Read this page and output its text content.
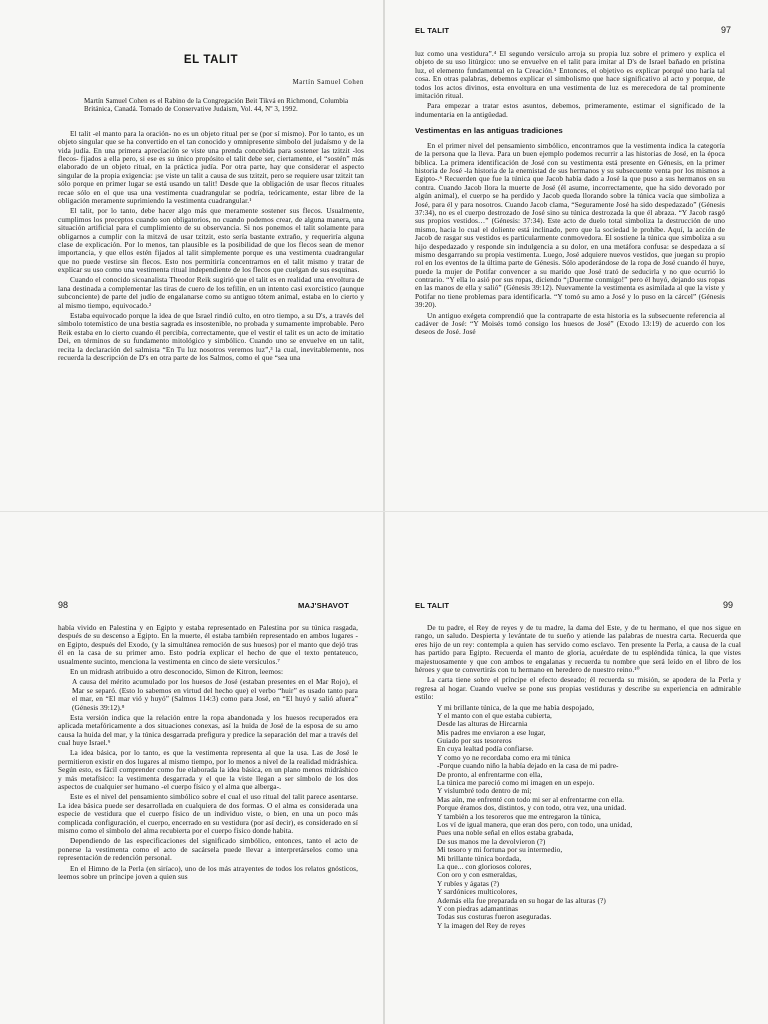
EL TALIT
Martín Samuel Cohen
Martín Samuel Cohen es el Rabino de la Congregación Beit Tikvá en Richmond, Columbia Británica, Canadá. Tomado de Conservative Judaism, Vol. 44, Nº 3, 1992.

El talit -el manto para la oración- no es un objeto ritual per se (por sí mismo). Por lo tanto, es un objeto singular que se ha convertido en el tan conocido y omnipresente símbolo del judaísmo y de la vida judía. En una primera apreciación se viste una prenda concebida para sostener las tzitzit -los flecos- fijados a ella pero, si ese es su único propósito el talit debe ser, ciertamente, el “sostén” más elaborado de un objeto ritual, en la práctica judía. Por otra parte, hay que considerar el aspecto singular de la propia exigencia: ¡se viste un talit a causa de sus tzitzit, pero se requiere usar tzitzit tan sólo porque en primer lugar se está usando un talit! Desde que la obligación de usar flecos rituales recae sólo en el que usa una vestimenta cuadrangular se podría, teóricamente, estar libre de la obligación meramente suprimiendo la vestimenta cuadrangular.¹

El talit, por lo tanto, debe hacer algo más que meramente sostener sus flecos. Usualmente, cumplimos los preceptos cuando son obligatorios, no cuando podemos crear, de alguna manera, una situación artificial para el cumplimiento de su observancia. Si nos ponemos el talit solamente para obligarnos a cumplir con la mitzvá de usar tzitzit, esto sería bastante extraño, y requeriría alguna clase de explicación. Por lo menos, tan plausible es la posibilidad de que los flecos sean de menor importancia, y que ellos estén fijados al talit simplemente porque es una vestimenta cuadrangular que no puede vestirse sin flecos. Esto nos permitiría concentrarnos en el talit mismo y tratar de explicar su uso como una vestimenta ritual independiente de los flecos que cuelgan de sus esquinas.

Cuando el conocido sicoanalista Theodor Reik sugirió que el talit es en realidad una envoltura de lana destinada a complementar las tiras de cuero de los tefilín, en un intento casi exorcístico (aunque subconciente) de parte del judío de engalanarse como su antiguo tótem animal, estaba en lo cierto y al mismo tiempo, equivocado.²

Estaba equivocado porque la idea de que Israel rindió culto, en otro tiempo, a su D's, a través del símbolo totemístico de una bestia sagrada es insostenible, no probada y sumamente improbable. Pero Reik estaba en lo cierto cuando él percibía, correctamente, que el vestir el talit es un acto de imitatio Dei, en términos de su fundamento mitológico y simbólico. Cuando uno se envuelve en un talit, recita la declaración del salmista “En Tu luz nosotros veremos luz”,³ la cual, inevitablemente, nos recuerda la descripción de D's en otra parte de los Salmos, como el que “sea una

EL TALIT	97

luz como una vestidura”.⁴ El segundo versículo arroja su propia luz sobre el primero y explica el objeto de su uso litúrgico: uno se envuelve en el talit para imitar al D's de Israel bañado en prístina luz, el elemento fundamental en la Creación.⁵ Entonces, el objetivo es explicar porqué uno haría tal cosa. En otras palabras, debemos explicar el simbolismo que hace significativo al acto y porque, de todos los actos divinos, esta envoltura en una vestimenta de luz es merecedora de tal prominente imitación ritual.

Para empezar a tratar estos asuntos, debemos, primeramente, estimar el significado de la indumentaria en la antigüedad.

Vestimentas en las antiguas tradiciones

En el primer nivel del pensamiento simbólico, encontramos que la vestimenta indica la categoría de la persona que la lleva. Para un buen ejemplo podemos recurrir a las historias de José, en la época bíblica. La primera identificación de José con su vestimenta está presente en Génesis, en la primer historia de José -la historia de la enemistad de sus hermanos y su subsecuente venta por los mismos a Egipto-.⁶ Recuerden que fue la túnica que Jacob había dado a José la que puso a sus hermanos en su contra. Cuando Jacob llora la muerte de José (él asume, incorrectamente, que ha sido devorado por algún animal), el cuerpo se ha perdido y Jacob queda llorando sobre la túnica vacía que simboliza a José, para él y para nosotros. Cuando Jacob clama, “Seguramente José ha sido despedazado” (Génesis 37:34), no es el cuerpo destrozado de José sino su túnica destrozada la que él abraza. “Y Jacob rasgó sus propios vestidos…” (Génesis: 37:34). Este acto de duelo total simboliza la destrucción de uno mismo, hacia lo cual el doliente está inclinado, pero que la sociedad le prohíbe. Aquí, la acción de Jacob de rasgar sus vestidos es particularmente conmovedora. El sostiene la túnica que simboliza a su hijo despedazado y responde sin indulgencia a su dolor, en una metáfora confusa: se despedaza a sí mismo desgarrando su propia vestimenta. Luego, José adquiere nuevos vestidos, que juegan su propio rol en los eventos de la última parte de Génesis. Sólo apoderándose de la ropa de José cuando él huye, puede la mujer de Potifar convencer a su marido que José trató de seducirla y no que ocurrió lo contrario. “Y ella lo asió por sus ropas, diciendo “¡Duerme conmigo!” pero él huyó, dejando sus ropas en las manos de ella y salió” (Génesis 39:12). Nuevamente la vestimenta es asimilada al que la viste y Potifar no tiene problemas para identificarla. “Y tomó su amo a José y lo puso en la cárcel” (Génesis 39:20).

Un antiguo exégeta comprendió que la contraparte de esta historia es la subsecuente referencia al cadáver de José: “Y Moisés tomó consigo los huesos de José” (Exodo 13:19) de acuerdo con los deseos de José. José

98	MAJ'SHAVOT

había vivido en Palestina y en Egipto y estaba representado en Palestina por su túnica rasgada, después de su descenso a Egipto. En la muerte, él estaba también representado en ambos lugares - en Egipto, después del Exodo, (y la simultánea remoción de sus huesos) por el manto que dejó tras él en la casa de su primer amo. Esto podría explicar el hecho de que el texto pentateuco, usualmente sucinto, menciona la vestimenta en cinco de siete versículos.⁷

En un midrash atribuido a otro desconocido, Simon de Kitron, leemos:

A causa del mérito acumulado por los huesos de José (estaban presentes en el Mar Rojo), el Mar se separó. (Esto lo sabemos en virtud del hecho que) el verbo “huir” es usado tanto para el mar, en “El mar vió y huyó” (Salmos 114:3) como para José, en “El huyó y salió afuera” (Génesis 39:12).⁸

Esta versión indica que la relación entre la ropa abandonada y los huesos recuperados era aplicada metafóricamente a dos situaciones conexas, así la huida de José de la esposa de su amo causa la huida del mar, y la túnica desgarrada prefigura y predice la separación del mar a través del cual huye Israel.⁹

La idea básica, por lo tanto, es que la vestimenta representa al que la usa. Las de José le permitieron existir en dos lugares al mismo tiempo, por lo menos a nivel de la realidad midráshica. Según esto, es fácil comprender como fue elaborada la idea básica, en un plano menos midráshico y más metafísico: la vestimenta desgarrada y el que la viste llegan a ser símbolo de los dos aspectos de cualquier ser humano -el cuerpo físico y el alma que alberga-.

Este es el nivel del pensamiento simbólico sobre el cual el uso ritual del talit parece asentarse. La idea básica puede ser desarrollada en cualquiera de dos formas. O el alma es considerada una especie de vestidura que el cuerpo físico de un individuo viste, o bien, en una un poco más complicada configuración, el cuerpo, encerrado en su vestidura (por así decir), es considerado en sí mismo como el símbolo del alma recubierta por el cuerpo físico donde habita.

Dependiendo de las especificaciones del significado simbólico, entonces, tanto el acto de ponerse la vestimenta como el acto de sacársela puede llevar a interpretárselos como una representación de redención personal.

En el Himno de la Perla (en siríaco), uno de los más atrayentes de todos los relatos gnósticos, leemos sobre un príncipe joven a quien sus

EL TALIT	99

De tu padre, el Rey de reyes y de tu madre, la dama del Este, y de tu hermano, el que nos sigue en rango, un saludo. Despierta y levántate de tu sueño y atiende las palabras de nuestra carta. Recuerda que eres hijo de un rey: contempla a quien has servido como esclavo. Ten presente la Perla, a causa de la cual has partido para Egipto. Recuerda el manto de gloria, acuérdate de tu espléndida túnica, la que vistes majestuosamente y que con ambos te engalanas y recuerda tu nombre que será leído en el libro de los héroes y que te convertirás con tu hermano en heredero de nuestro reino.¹⁰

La carta tiene sobre el príncipe el efecto deseado; él recuerda su misión, se apodera de la Perla y regresa al hogar. Cuando vuelve se pone sus propias vestiduras y describe su experiencia en admirable estilo:

Y mi brillante túnica, de la que me había despojado,
Y el manto con el que estaba cubierta,
Desde las alturas de Hircarnia
Mis padres me enviaron a ese lugar,
Guiado por sus tesoreros
En cuya lealtad podía confiarse.
Y como yo ne recordaba como era mi túnica
-Porque cuando niño la había dejado en la casa de mi padre-
De pronto, al enfrentarme con ella,
La túnica me pareció como mi imagen en un espejo.
Y vislumbré todo dentro de mí;
Mas aún, me enfrenté con todo mi ser al enfrentarme con ella.
Porque éramos dos, distintos, y con todo, otra vez, una unidad.
Y también a los tesoreros que me entregaron la túnica,
Los ví de igual manera, que eran dos pero, con todo, una unidad,
Pues una noble señal en ellos estaba grabada,
De sus manos me la devolvieron (?)
Mi tesoro y mi fortuna por su intermedio,
Mi brillante túnica bordada,
La que... con gloriosos colores,
Con oro y con esmeraldas,
Y rubíes y ágatas (?)
Y sardónices multicolores,
Además ella fue preparada en su hogar de las alturas (?)
Y con piedras adamantinas
Todas sus costuras fueron aseguradas.
Y la imagen del Rey de reyes
